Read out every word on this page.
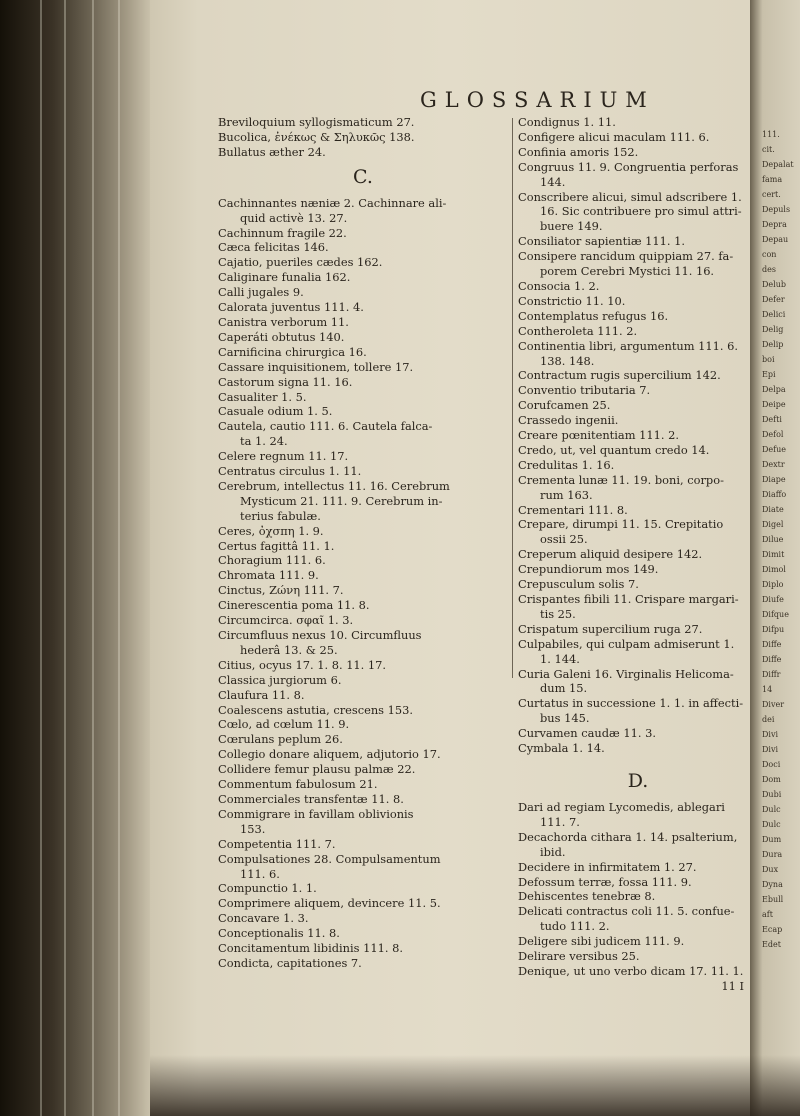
111.
cit.
Depalat
fama
cert.
Depuls
Depra
Depau
con
des
Delub
Defer
Delici
Delig
Delip
boi
Epi
Delpa
Deipe
Defti
Defol
Defue
Dextr
Diape
Diaffo
Diate
Digel
Dilue
Dimit
Dimol
Diplo
Diufe
Difque
Difpu
Diffe
Diffe
Diffr
14
Diver
dei
Divi
Divi
Doci
Dom
Dubi
Dulc
Dulc
Dum
Dura
Dux
Dyna
Ebull
aft
Ecap
Edet
GLOSSARIUM
Breviloquium syllogismaticum 27.
Bucolica, ἐνέκως & Σηλυκῶς 138.
Bullatus æther 24.
C.
Cachinnantes næniæ 2. Cachinnare ali-
quid activè 13. 27.
Cachinnum fragile 22.
Cæca felicitas 146.
Cajatio, pueriles cædes 162.
Caliginare funalia 162.
Calli jugales 9.
Calorata juventus 111. 4.
Canistra verborum 11.
Caperáti obtutus 140.
Carnificina chirurgica 16.
Cassare inquisitionem, tollere 17.
Castorum signa 11. 16.
Casualiter 1. 5.
Casuale odium 1. 5.
Cautela, cautio 111. 6. Cautela falca-
ta 1. 24.
Celere regnum 11. 17.
Centratus circulus 1. 11.
Cerebrum, intellectus 11. 16. Cerebrum
Mysticum 21. 111. 9. Cerebrum in-
terius fabulæ.
Ceres, ὀχσπη 1. 9.
Certus fagittâ 11. 1.
Choragium 111. 6.
Chromata 111. 9.
Cinctus, Ζώνη 111. 7.
Cinerescentia poma 11. 8.
Circumcirca. σφαῖ 1. 3.
Circumfluus nexus 10. Circumfluus
hederâ 13. & 25.
Citius, ocyus 17. 1. 8. 11. 17.
Classica jurgiorum 6.
Claufura 11. 8.
Coalescens astutia, crescens 153.
Cœlo, ad cœlum 11. 9.
Cœrulans peplum 26.
Collegio donare aliquem, adjutorio 17.
Collidere femur plausu palmæ 22.
Commentum fabulosum 21.
Commerciales transfentæ 11. 8.
Commigrare in favillam oblivionis
153.
Competentia 111. 7.
Compulsationes 28. Compulsamentum
111. 6.
Compunctio 1. 1.
Comprimere aliquem, devincere 11. 5.
Concavare 1. 3.
Conceptionalis 11. 8.
Concitamentum libidinis 111. 8.
Condicta, capitationes 7.
Condignus 1. 11.
Configere alicui maculam 111. 6.
Confinia amoris 152.
Congruus 11. 9. Congruentia perforas
144.
Conscribere alicui, simul adscribere 1.
16. Sic contribuere pro simul attri-
buere 149.
Consiliator sapientiæ 111. 1.
Consipere rancidum quippiam 27. fa-
porem Cerebri Mystici 11. 16.
Consocia 1. 2.
Constrictio 11. 10.
Contemplatus refugus 16.
Contheroleta 111. 2.
Continentia libri, argumentum 111. 6.
138. 148.
Contractum rugis supercilium 142.
Conventio tributaria 7.
Corufcamen 25.
Crassedo ingenii.
Creare pœnitentiam 111. 2.
Credo, ut, vel quantum credo 14.
Credulitas 1. 16.
Crementa lunæ 11. 19. boni, corpo-
rum 163.
Crementari 111. 8.
Crepare, dirumpi 11. 15. Crepitatio
ossii 25.
Creperum aliquid desipere 142.
Crepundiorum mos 149.
Crepusculum solis 7.
Crispantes fibili 11. Crispare margari-
tis 25.
Crispatum supercilium ruga 27.
Culpabiles, qui culpam admiserunt 1.
1. 144.
Curia Galeni 16. Virginalis Helicoma-
dum 15.
Curtatus in successione 1. 1. in affecti-
bus 145.
Curvamen caudæ 11. 3.
Cymbala 1. 14.
D.
Dari ad regiam Lycomedis, ablegari
111. 7.
Decachorda cithara 1. 14. psalterium,
ibid.
Decidere in infirmitatem 1. 27.
Defossum terræ, fossa 111. 9.
Dehiscentes tenebræ 8.
Delicati contractus coli 11. 5. confue-
tudo 111. 2.
Deligere sibi judicem 111. 9.
Delirare versibus 25.
Denique, ut uno verbo dicam 17. 11. 1.
11 I
